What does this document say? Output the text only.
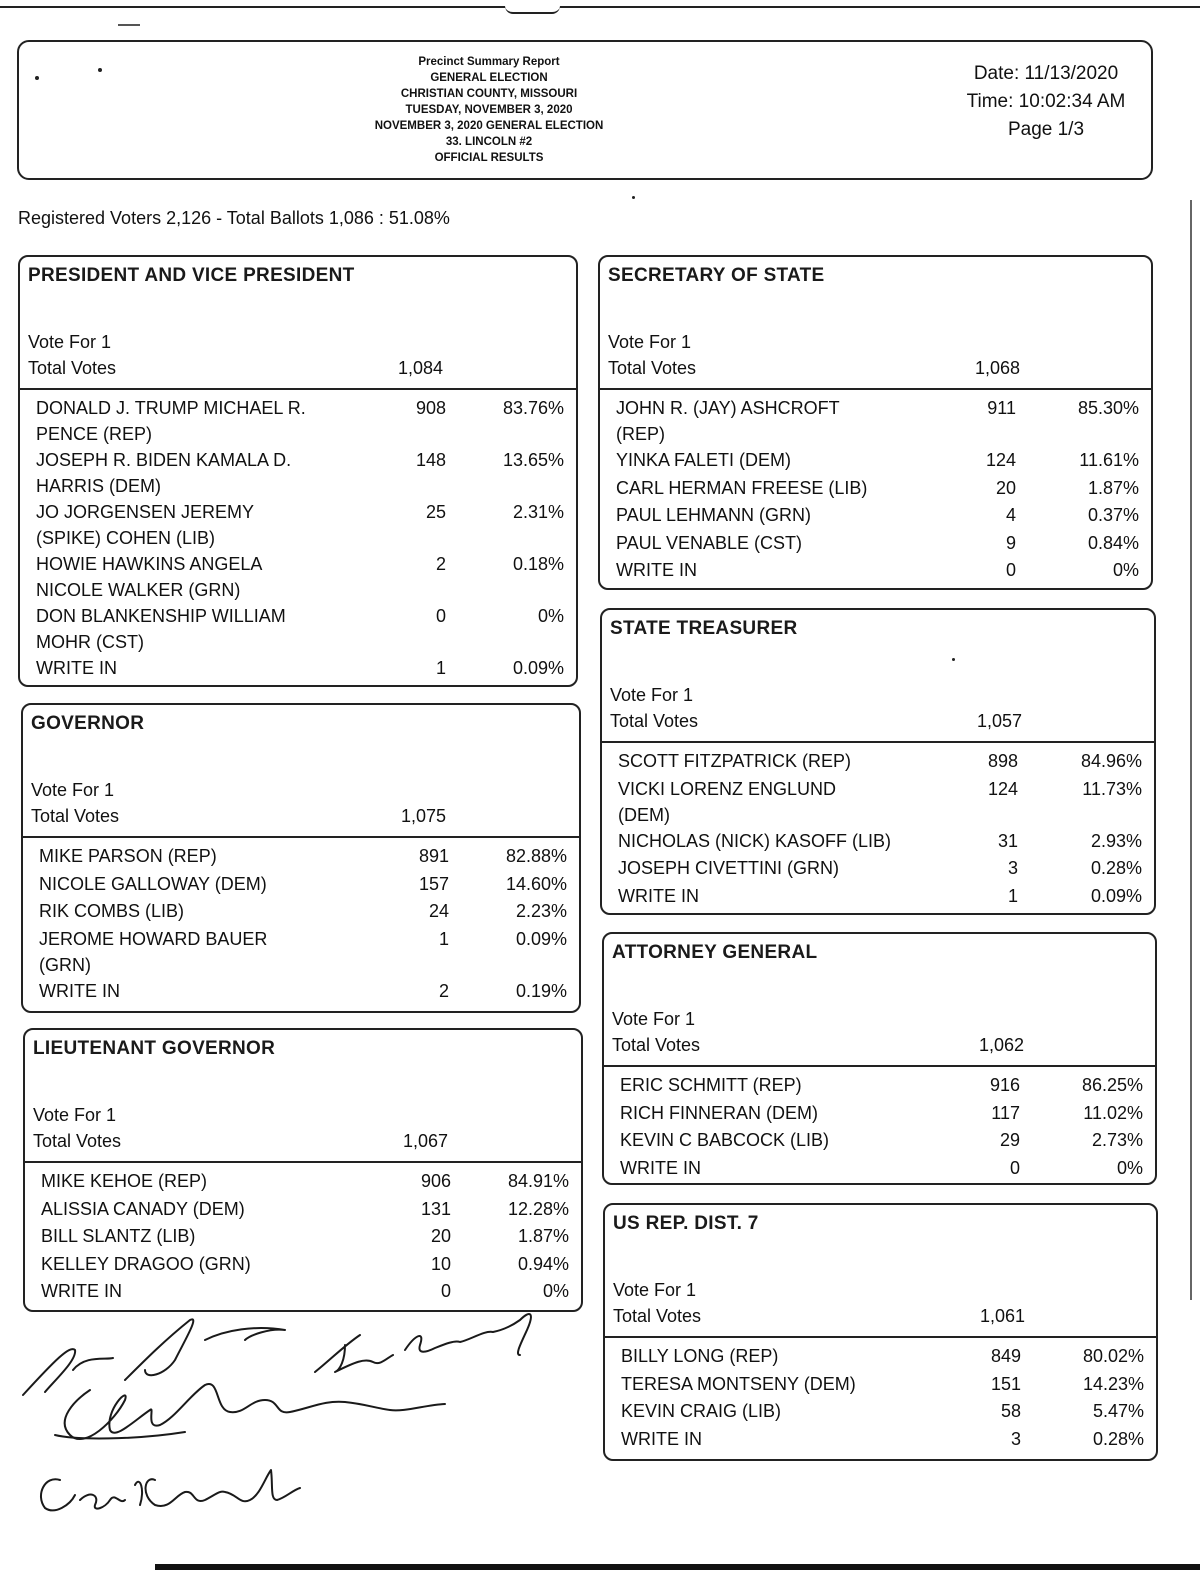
Precinct Summary Report
GENERAL ELECTION
CHRISTIAN COUNTY, MISSOURI
TUESDAY, NOVEMBER 3, 2020
NOVEMBER 3, 2020 GENERAL ELECTION
33. LINCOLN #2
OFFICIAL RESULTS
Date: 11/13/2020
Time: 10:02:34 AM
Page 1/3
Registered Voters 2,126 - Total Ballots 1,086 : 51.08%
PRESIDENT AND VICE PRESIDENT
Vote For 1
Total Votes	1,084
DONALD J. TRUMP MICHAEL R.
PENCE (REP)
908	83.76%
JOSEPH R. BIDEN KAMALA D.
HARRIS (DEM)
148	13.65%
JO JORGENSEN JEREMY
(SPIKE) COHEN (LIB)
25	2.31%
HOWIE HAWKINS ANGELA
NICOLE WALKER (GRN)
2	0.18%
DON BLANKENSHIP WILLIAM
MOHR (CST)
0	0%
WRITE IN	1	0.09%
GOVERNOR
Vote For 1
Total Votes	1,075
MIKE PARSON (REP)	891	82.88%
NICOLE GALLOWAY (DEM)	157	14.60%
RIK COMBS (LIB)	24	2.23%
JEROME HOWARD BAUER
(GRN)
1	0.09%
WRITE IN	2	0.19%
LIEUTENANT GOVERNOR
Vote For 1
Total Votes	1,067
MIKE KEHOE (REP)	906	84.91%
ALISSIA CANADY (DEM)	131	12.28%
BILL SLANTZ (LIB)	20	1.87%
KELLEY DRAGOO (GRN)	10	0.94%
WRITE IN	0	0%
SECRETARY OF STATE
Vote For 1
Total Votes	1,068
JOHN R. (JAY) ASHCROFT
(REP)
911	85.30%
YINKA FALETI (DEM)	124	11.61%
CARL HERMAN FREESE (LIB)	20	1.87%
PAUL LEHMANN (GRN)	4	0.37%
PAUL VENABLE (CST)	9	0.84%
WRITE IN	0	0%
STATE TREASURER
Vote For 1
Total Votes	1,057
SCOTT FITZPATRICK (REP)	898	84.96%
VICKI LORENZ ENGLUND
(DEM)
124	11.73%
NICHOLAS (NICK) KASOFF (LIB)	31	2.93%
JOSEPH CIVETTINI (GRN)	3	0.28%
WRITE IN	1	0.09%
ATTORNEY GENERAL
Vote For 1
Total Votes	1,062
ERIC SCHMITT (REP)	916	86.25%
RICH FINNERAN (DEM)	117	11.02%
KEVIN C BABCOCK (LIB)	29	2.73%
WRITE IN	0	0%
US REP. DIST. 7
Vote For 1
Total Votes	1,061
BILLY LONG (REP)	849	80.02%
TERESA MONTSENY (DEM)	151	14.23%
KEVIN CRAIG (LIB)	58	5.47%
WRITE IN	3	0.28%
